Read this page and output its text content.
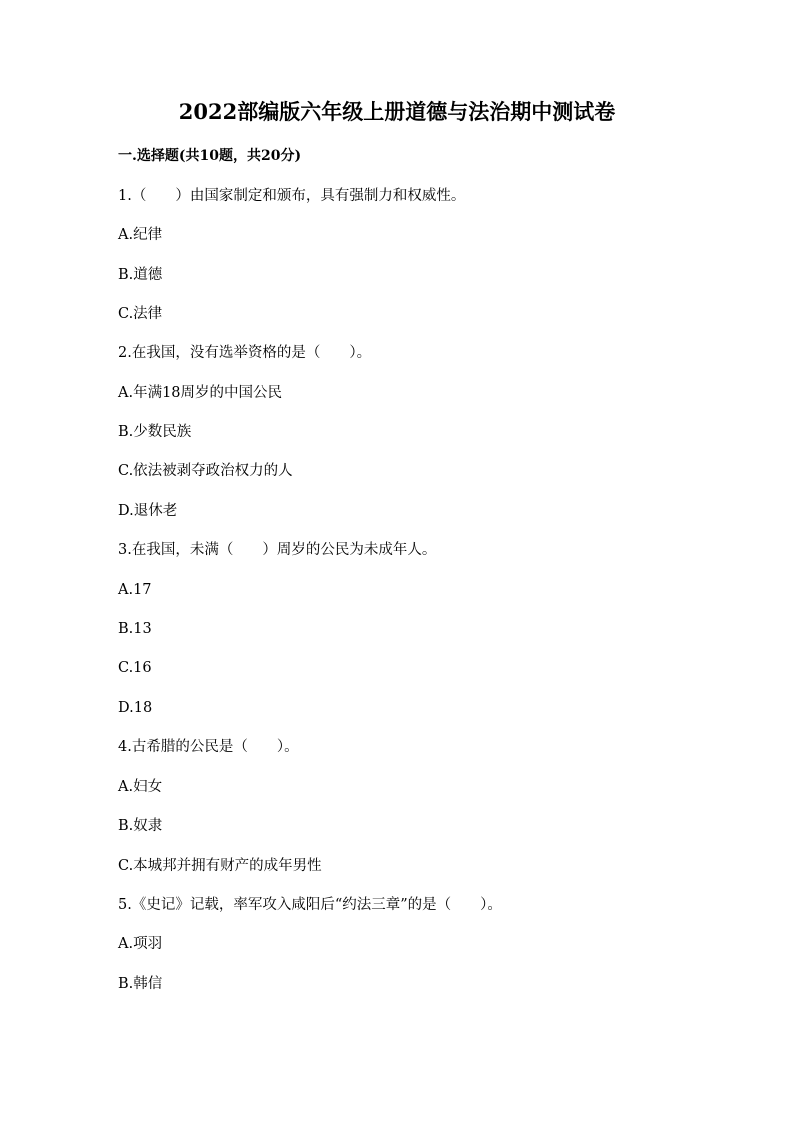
2022部编版六年级上册道德与法治期中测试卷
一.选择题(共10题，共20分)
1.（　　）由国家制定和颁布，具有强制力和权威性。
A.纪律
B.道德
C.法律
2.在我国，没有选举资格的是（　　）。
A.年满18周岁的中国公民
B.少数民族
C.依法被剥夺政治权力的人
D.退休老
3.在我国，未满（　　）周岁的公民为未成年人。
A.17
B.13
C.16
D.18
4.古希腊的公民是（　　）。
A.妇女
B.奴隶
C.本城邦并拥有财产的成年男性
5.《史记》记载，率军攻入咸阳后“约法三章”的是（　　）。
A.项羽
B.韩信
